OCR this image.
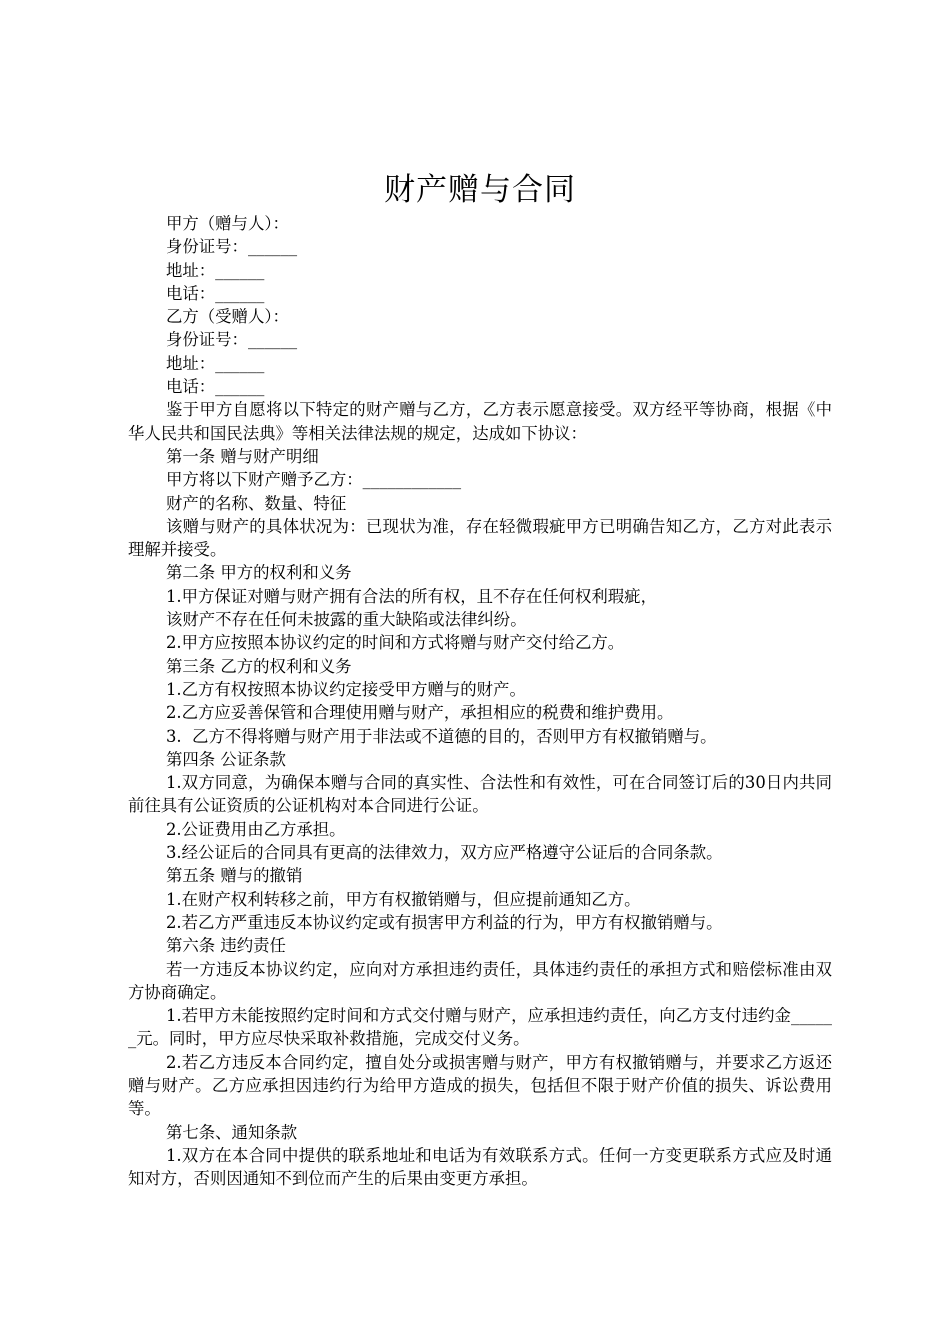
财产赠与合同
甲方（赠与人）：
身份证号：______
地址：______
电话：______
乙方（受赠人）：
身份证号：______
地址：______
电话：______

鉴于甲方自愿将以下特定的财产赠与乙方，乙方表示愿意接受。双方经平等协商，根据《中华人民共和国民法典》等相关法律法规的规定，达成如下协议：

第一条 赠与财产明细
甲方将以下财产赠予乙方：____________
财产的名称、数量、特征

该赠与财产的具体状况为：已现状为准，存在轻微瑕疵甲方已明确告知乙方，乙方对此表示理解并接受。

第二条 甲方的权利和义务
1.甲方保证对赠与财产拥有合法的所有权，且不存在任何权利瑕疵，
该财产不存在任何未披露的重大缺陷或法律纠纷。
2.甲方应按照本协议约定的时间和方式将赠与财产交付给乙方。
第三条 乙方的权利和义务
1.乙方有权按照本协议约定接受甲方赠与的财产。
2.乙方应妥善保管和合理使用赠与财产，承担相应的税费和维护费用。
3.  乙方不得将赠与财产用于非法或不道德的目的，否则甲方有权撤销赠与。
第四条 公证条款

1.双方同意，为确保本赠与合同的真实性、合法性和有效性，可在合同签订后的30日内共同前往具有公证资质的公证机构对本合同进行公证。

2.公证费用由乙方承担。
3.经公证后的合同具有更高的法律效力，双方应严格遵守公证后的合同条款。
第五条 赠与的撤销
1.在财产权利转移之前，甲方有权撤销赠与，但应提前通知乙方。
2.若乙方严重违反本协议约定或有损害甲方利益的行为，甲方有权撤销赠与。
第六条 违约责任

若一方违反本协议约定，应向对方承担违约责任，具体违约责任的承担方式和赔偿标准由双方协商确定。

1.若甲方未能按照约定时间和方式交付赠与财产，应承担违约责任，向乙方支付违约金______元。同时，甲方应尽快采取补救措施，完成交付义务。

2.若乙方违反本合同约定，擅自处分或损害赠与财产，甲方有权撤销赠与，并要求乙方返还赠与财产。乙方应承担因违约行为给甲方造成的损失，包括但不限于财产价值的损失、诉讼费用等。

第七条、通知条款

1.双方在本合同中提供的联系地址和电话为有效联系方式。任何一方变更联系方式应及时通知对方，否则因通知不到位而产生的后果由变更方承担。
